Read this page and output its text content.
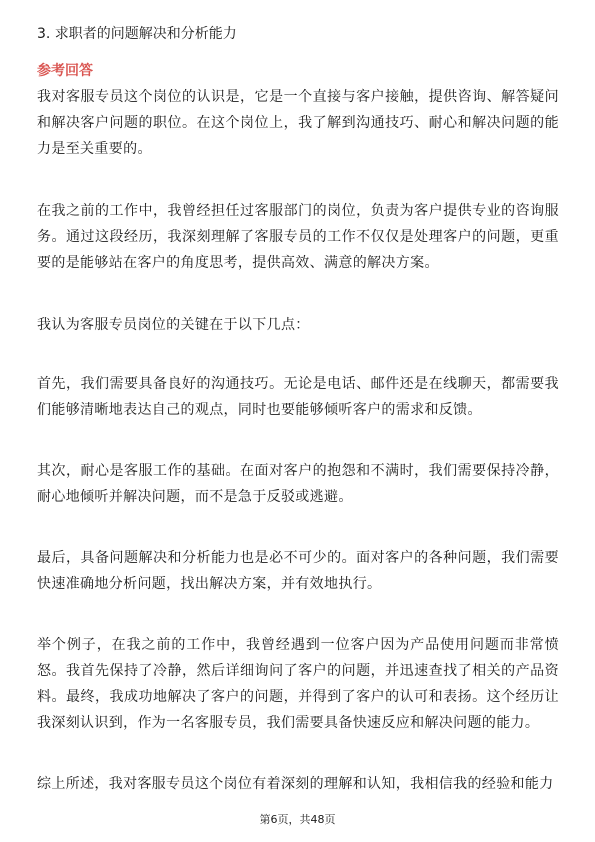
3. 求职者的问题解决和分析能力
参考回答

我对客服专员这个岗位的认识是，它是一个直接与客户接触，提供咨询、解答疑问和解决客户问题的职位。在这个岗位上，我了解到沟通技巧、耐心和解决问题的能力是至关重要的。

在我之前的工作中，我曾经担任过客服部门的岗位，负责为客户提供专业的咨询服务。通过这段经历，我深刻理解了客服专员的工作不仅仅是处理客户的问题，更重要的是能够站在客户的角度思考，提供高效、满意的解决方案。

我认为客服专员岗位的关键在于以下几点：

首先，我们需要具备良好的沟通技巧。无论是电话、邮件还是在线聊天，都需要我们能够清晰地表达自己的观点，同时也要能够倾听客户的需求和反馈。

其次，耐心是客服工作的基础。在面对客户的抱怨和不满时，我们需要保持冷静，耐心地倾听并解决问题，而不是急于反驳或逃避。

最后，具备问题解决和分析能力也是必不可少的。面对客户的各种问题，我们需要快速准确地分析问题，找出解决方案，并有效地执行。

举个例子，在我之前的工作中，我曾经遇到一位客户因为产品使用问题而非常愤怒。我首先保持了冷静，然后详细询问了客户的问题，并迅速查找了相关的产品资料。最终，我成功地解决了客户的问题，并得到了客户的认可和表扬。这个经历让我深刻认识到，作为一名客服专员，我们需要具备快速反应和解决问题的能力。

综上所述，我对客服专员这个岗位有着深刻的理解和认知，我相信我的经验和能力

第6页，共48页
